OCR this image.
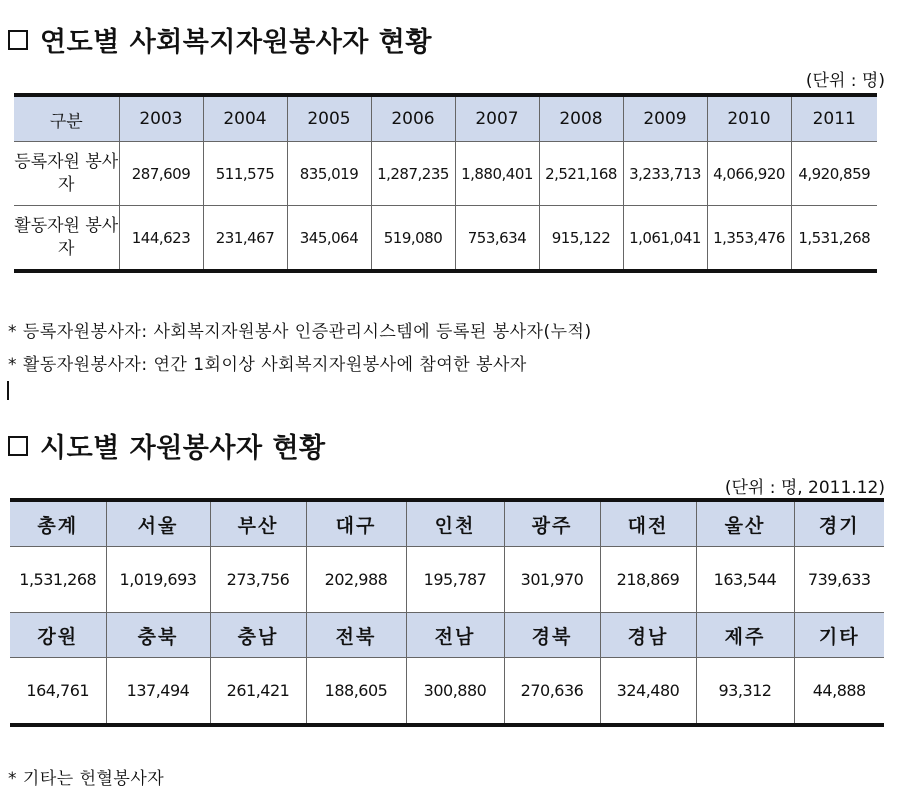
연도별 사회복지자원봉사자 현황
(단위 : 명)
구분	2003	2004	2005	2006	2007	2008	2009	2010	2011
등록자원 봉사자	287,609	511,575	835,019	1,287,235	1,880,401	2,521,168	3,233,713	4,066,920	4,920,859
활동자원 봉사자	144,623	231,467	345,064	519,080	753,634	915,122	1,061,041	1,353,476	1,531,268
* 등록자원봉사자: 사회복지자원봉사 인증관리시스템에 등록된 봉사자(누적)
* 활동자원봉사자: 연간 1회이상 사회복지자원봉사에 참여한 봉사자
시도별 자원봉사자 현황
(단위 : 명, 2011.12)
총계	서울	부산	대구	인천	광주	대전	울산	경기
1,531,268	1,019,693	273,756	202,988	195,787	301,970	218,869	163,544	739,633
강원	충북	충남	전북	전남	경북	경남	제주	기타
164,761	137,494	261,421	188,605	300,880	270,636	324,480	93,312	44,888
* 기타는 헌혈봉사자
